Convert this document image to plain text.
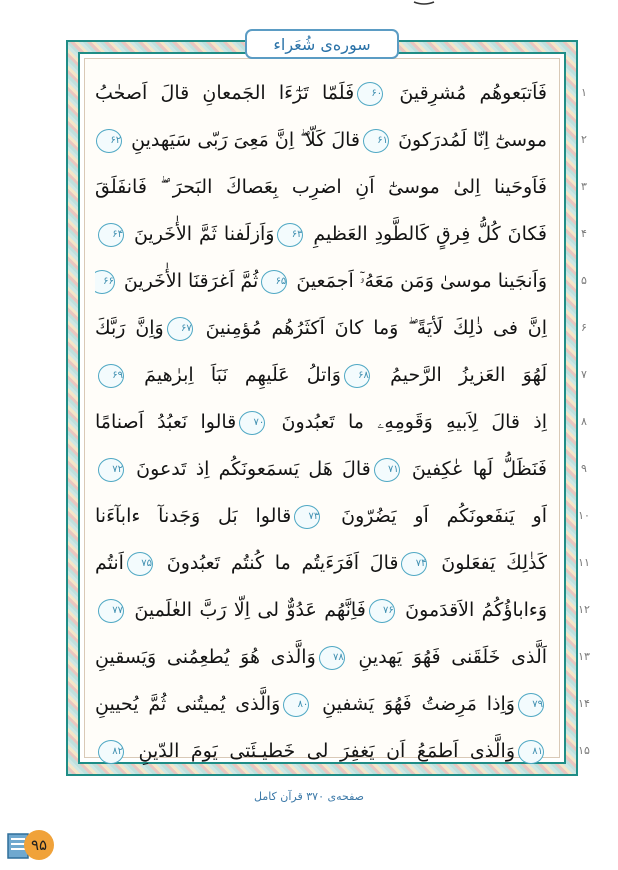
سوره‌ی شُعَراء
۱
فَاَتبَعوهُم مُشرِقينَ ۶۰فَلَمّا تَرٰٓءَا الجَمعانِ قالَ اَصحٰبُ
۲
موسىٰٓ اِنّا لَمُدرَكونَ ۶۱قالَ كَلّا ۖ اِنَّ مَعِىَ رَبّى سَيَهدينِ ۶۲
۳
فَاَوحَينا اِلىٰ موسىٰٓ اَنِ اضرِب بِعَصاكَ البَحرَ ۖ فَانفَلَقَ
۴
فَكانَ كُلُّ فِرقٍ كَالطَّودِ العَظيمِ ۶۳وَاَزلَفنا ثَمَّ الأٰخَرينَ ۶۴
۵
وَاَنجَينا موسىٰ وَمَن مَعَهُۥٓ اَجمَعينَ ۶۵ثُمَّ اَغرَقنَا الأٰخَرينَ ۶۶
۶
اِنَّ فى ذٰلِكَ لَأيَةً ۖ وَما كانَ اَكثَرُهُم مُؤمِنينَ ۶۷وَاِنَّ رَبَّكَ
۷
لَهُوَ العَزيزُ الرَّحيمُ ۶۸وَاتلُ عَلَيهِم نَبَاَ اِبرٰهيمَ ۶۹
۸
اِذ قالَ لِاَبيهِ وَقَومِهِۦ ما تَعبُدونَ ۷۰قالوا نَعبُدُ اَصنامًا
۹
فَنَظَلُّ لَها عٰكِفينَ ۷۱قالَ هَل يَسمَعونَكُم اِذ تَدعونَ ۷۲
۱۰
اَو يَنفَعونَكُم اَو يَضُرّونَ ۷۳قالوا بَل وَجَدنآ ءابآءَنا
۱۱
كَذٰلِكَ يَفعَلونَ ۷۴قالَ اَفَرَءَيتُم ما كُنتُم تَعبُدونَ ۷۵اَنتُم
۱۲
وَءاباؤُكُمُ الاَقدَمونَ ۷۶فَاِنَّهُم عَدُوٌّ لى اِلّا رَبَّ العٰلَمينَ ۷۷
۱۳
اَلَّذى خَلَقَنى فَهُوَ يَهدينِ ۷۸وَالَّذى هُوَ يُطعِمُنى وَيَسقينِ
۱۴
۷۹وَاِذا مَرِضتُ فَهُوَ يَشفينِ ۸۰وَالَّذى يُميتُنى ثُمَّ يُحيينِ
۱۵
۸۱وَالَّذى اَطمَعُ اَن يَغفِرَ لى خَطيـئَتى يَومَ الدّينِ ۸۲
صفحه‌ی ۳۷۰ قرآن کامل
۹۵
